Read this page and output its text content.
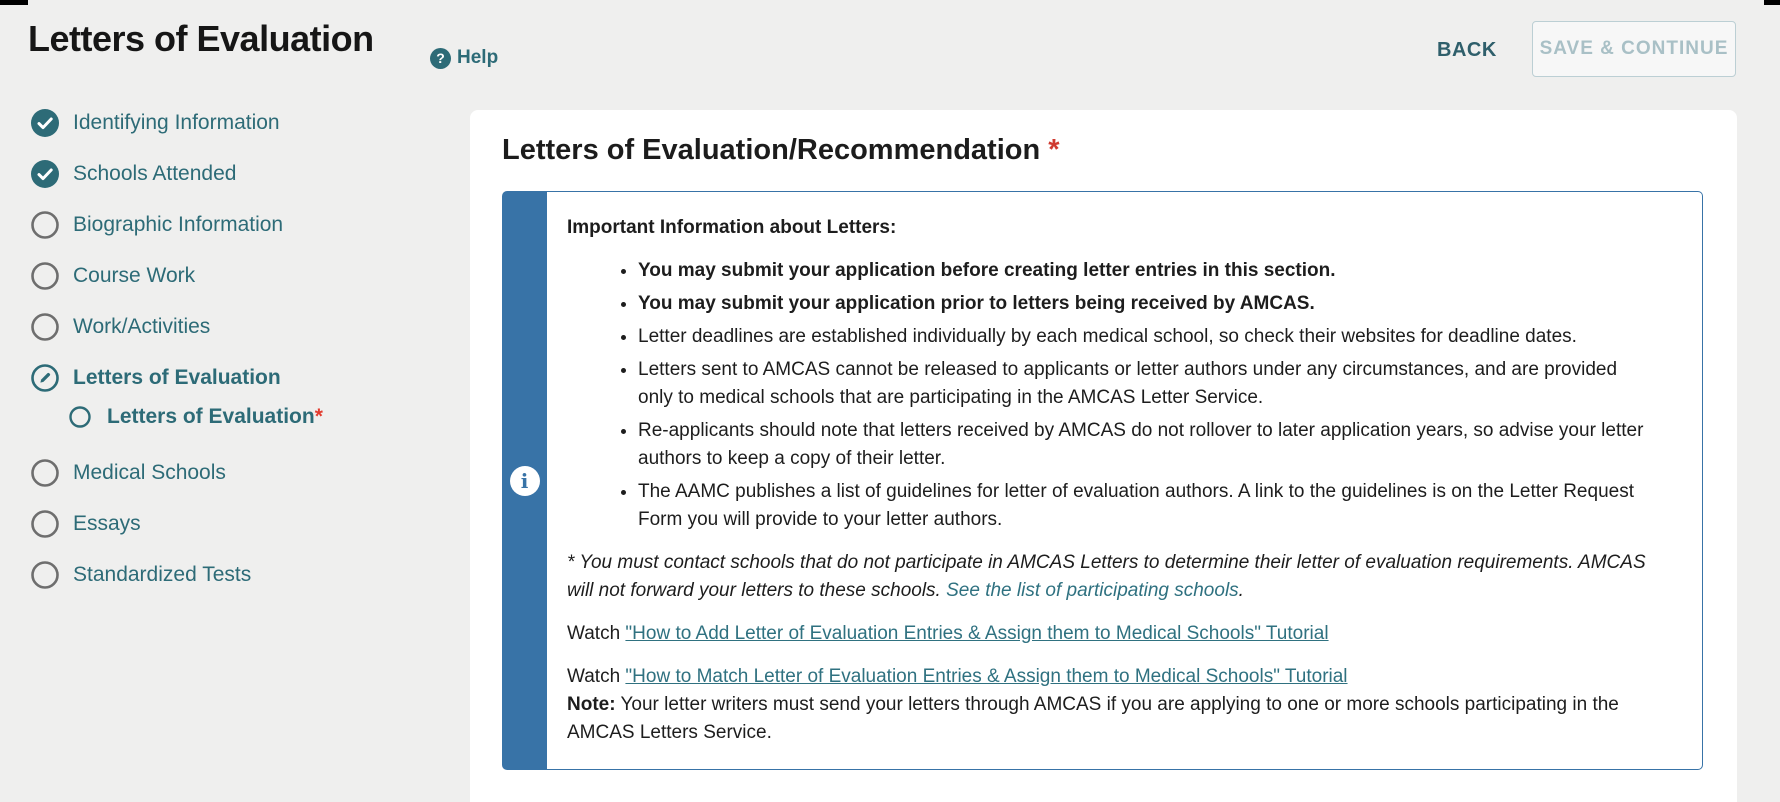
Letters of Evaluation	? Help	BACK	SAVE & CONTINUE
Identifying Information
Schools Attended
Biographic Information
Course Work
Work/Activities
Letters of Evaluation
Letters of Evaluation*
Medical Schools
Essays
Standardized Tests
Letters of Evaluation/Recommendation *
i

Important Information about Letters:

• You may submit your application before creating letter entries in this section.
• You may submit your application prior to letters being received by AMCAS.
• Letter deadlines are established individually by each medical school, so check their websites for deadline dates.
• Letters sent to AMCAS cannot be released to applicants or letter authors under any circumstances, and are provided only to medical schools that are participating in the AMCAS Letter Service.
• Re-applicants should note that letters received by AMCAS do not rollover to later application years, so advise your letter authors to keep a copy of their letter.
• The AAMC publishes a list of guidelines for letter of evaluation authors. A link to the guidelines is on the Letter Request Form you will provide to your letter authors.

* You must contact schools that do not participate in AMCAS Letters to determine their letter of evaluation requirements. AMCAS will not forward your letters to these schools. See the list of participating schools.

Watch "How to Add Letter of Evaluation Entries & Assign them to Medical Schools" Tutorial

Watch "How to Match Letter of Evaluation Entries & Assign them to Medical Schools" Tutorial

Note: Your letter writers must send your letters through AMCAS if you are applying to one or more schools participating in the AMCAS Letters Service.
